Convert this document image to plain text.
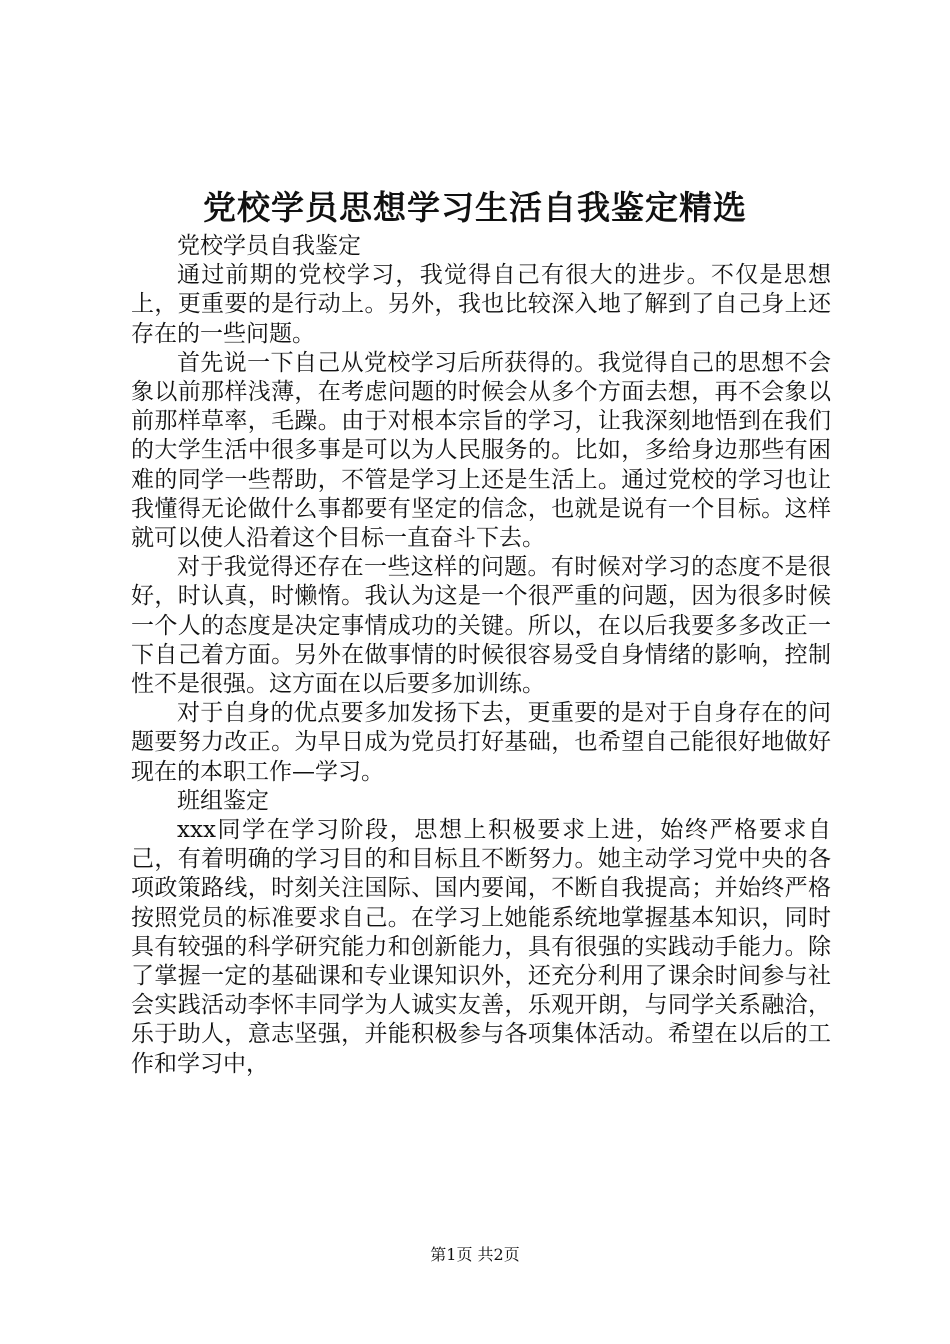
党校学员思想学习生活自我鉴定精选

党校学员自我鉴定

通过前期的党校学习，我觉得自己有很大的进步。不仅是思想上，更重要的是行动上。另外，我也比较深入地了解到了自己身上还存在的一些问题。

首先说一下自己从党校学习后所获得的。我觉得自己的思想不会象以前那样浅薄，在考虑问题的时候会从多个方面去想，再不会象以前那样草率，毛躁。由于对根本宗旨的学习，让我深刻地悟到在我们的大学生活中很多事是可以为人民服务的。比如，多给身边那些有困难的同学一些帮助，不管是学习上还是生活上。通过党校的学习也让我懂得无论做什么事都要有坚定的信念，也就是说有一个目标。这样就可以使人沿着这个目标一直奋斗下去。

对于我觉得还存在一些这样的问题。有时候对学习的态度不是很好，时认真，时懒惰。我认为这是一个很严重的问题，因为很多时候一个人的态度是决定事情成功的关键。所以，在以后我要多多改正一下自己着方面。另外在做事情的时候很容易受自身情绪的影响，控制性不是很强。这方面在以后要多加训练。

对于自身的优点要多加发扬下去，更重要的是对于自身存在的问题要努力改正。为早日成为党员打好基础，也希望自己能很好地做好现在的本职工作—学习。

班组鉴定

xxx同学在学习阶段，思想上积极要求上进，始终严格要求自己，有着明确的学习目的和目标且不断努力。她主动学习党中央的各项政策路线，时刻关注国际、国内要闻，不断自我提高；并始终严格按照党员的标准要求自己。在学习上她能系统地掌握基本知识，同时具有较强的科学研究能力和创新能力，具有很强的实践动手能力。除了掌握一定的基础课和专业课知识外，还充分利用了课余时间参与社会实践活动李怀丰同学为人诚实友善，乐观开朗，与同学关系融洽，乐于助人，意志坚强，并能积极参与各项集体活动。希望在以后的工作和学习中，

第1页 共2页
